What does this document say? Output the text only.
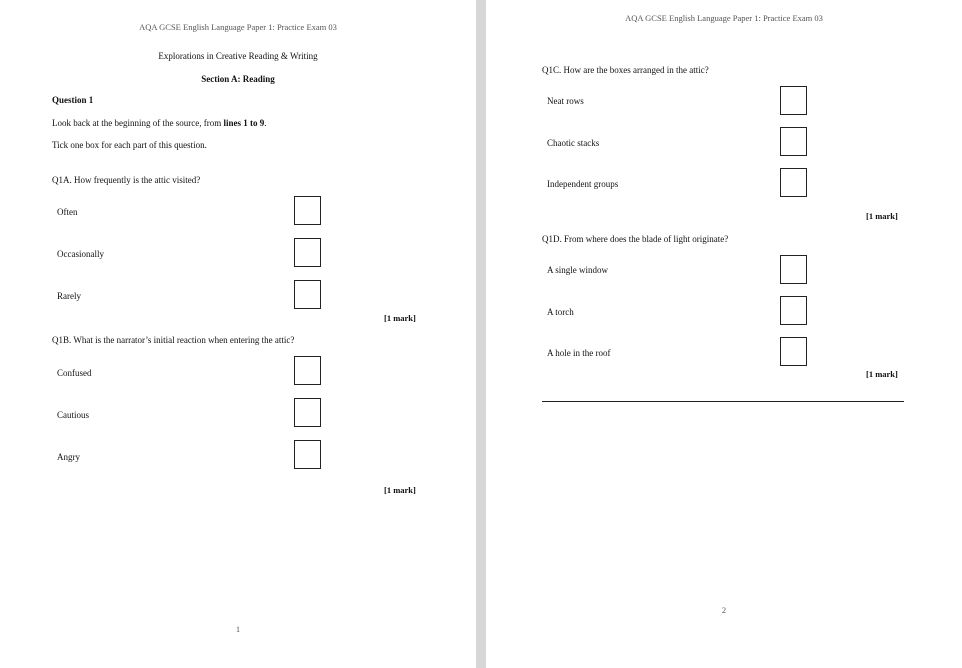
AQA GCSE English Language Paper 1: Practice Exam 03
Explorations in Creative Reading & Writing
Section A: Reading
Question 1
Look back at the beginning of the source, from lines 1 to 9.
Tick one box for each part of this question.
Q1A. How frequently is the attic visited?
Often
Occasionally
Rarely
[1 mark]
Q1B. What is the narrator’s initial reaction when entering the attic?
Confused
Cautious
Angry
[1 mark]
1
AQA GCSE English Language Paper 1: Practice Exam 03
Q1C. How are the boxes arranged in the attic?
Neat rows
Chaotic stacks
Independent groups
[1 mark]
Q1D. From where does the blade of light originate?
A single window
A torch
A hole in the roof
[1 mark]
2
